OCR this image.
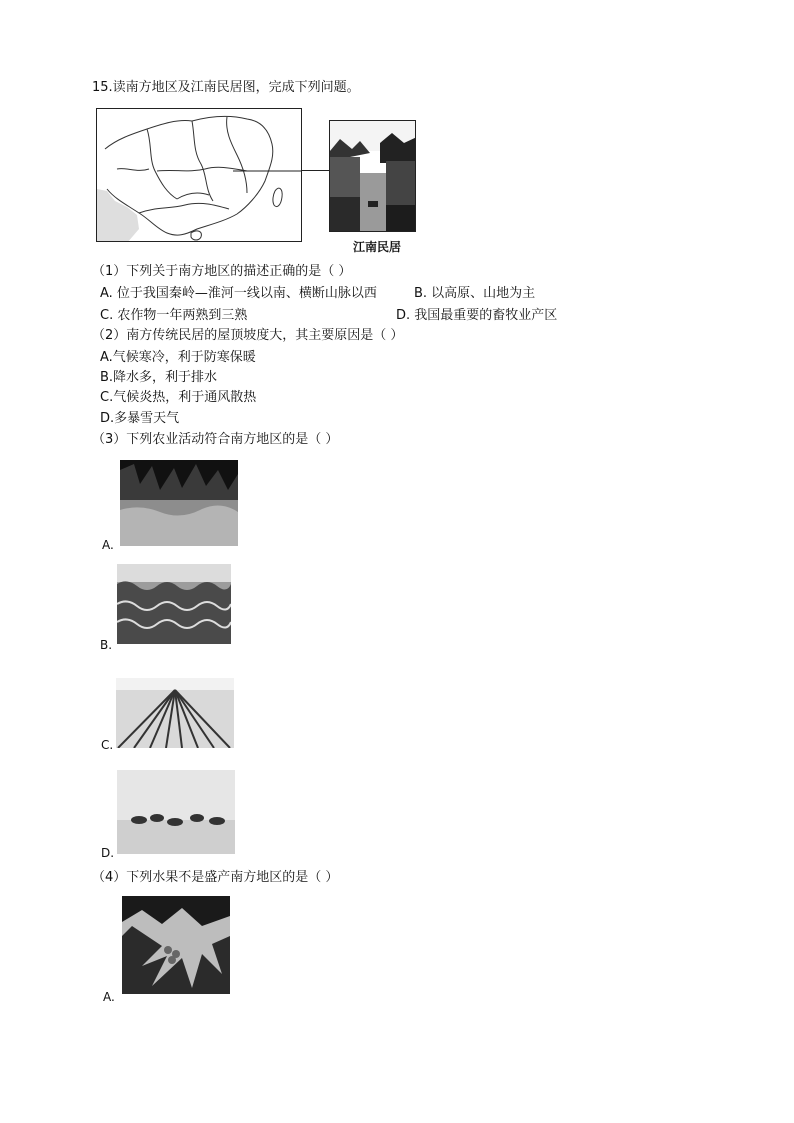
15.读南方地区及江南民居图，完成下列问题。
江南民居
（1）下列关于南方地区的描述正确的是（ ）
A. 位于我国秦岭—淮河一线以南、横断山脉以西	B. 以高原、山地为主
C. 农作物一年两熟到三熟	D. 我国最重要的畜牧业产区
（2）南方传统民居的屋顶坡度大，其主要原因是（ ）
A.气候寒冷，利于防寒保暖
B.降水多，利于排水
C.气候炎热，利于通风散热
D.多暴雪天气
（3）下列农业活动符合南方地区的是（ ）
A.
B.
C.
D.
（4）下列水果不是盛产南方地区的是（ ）
A.
